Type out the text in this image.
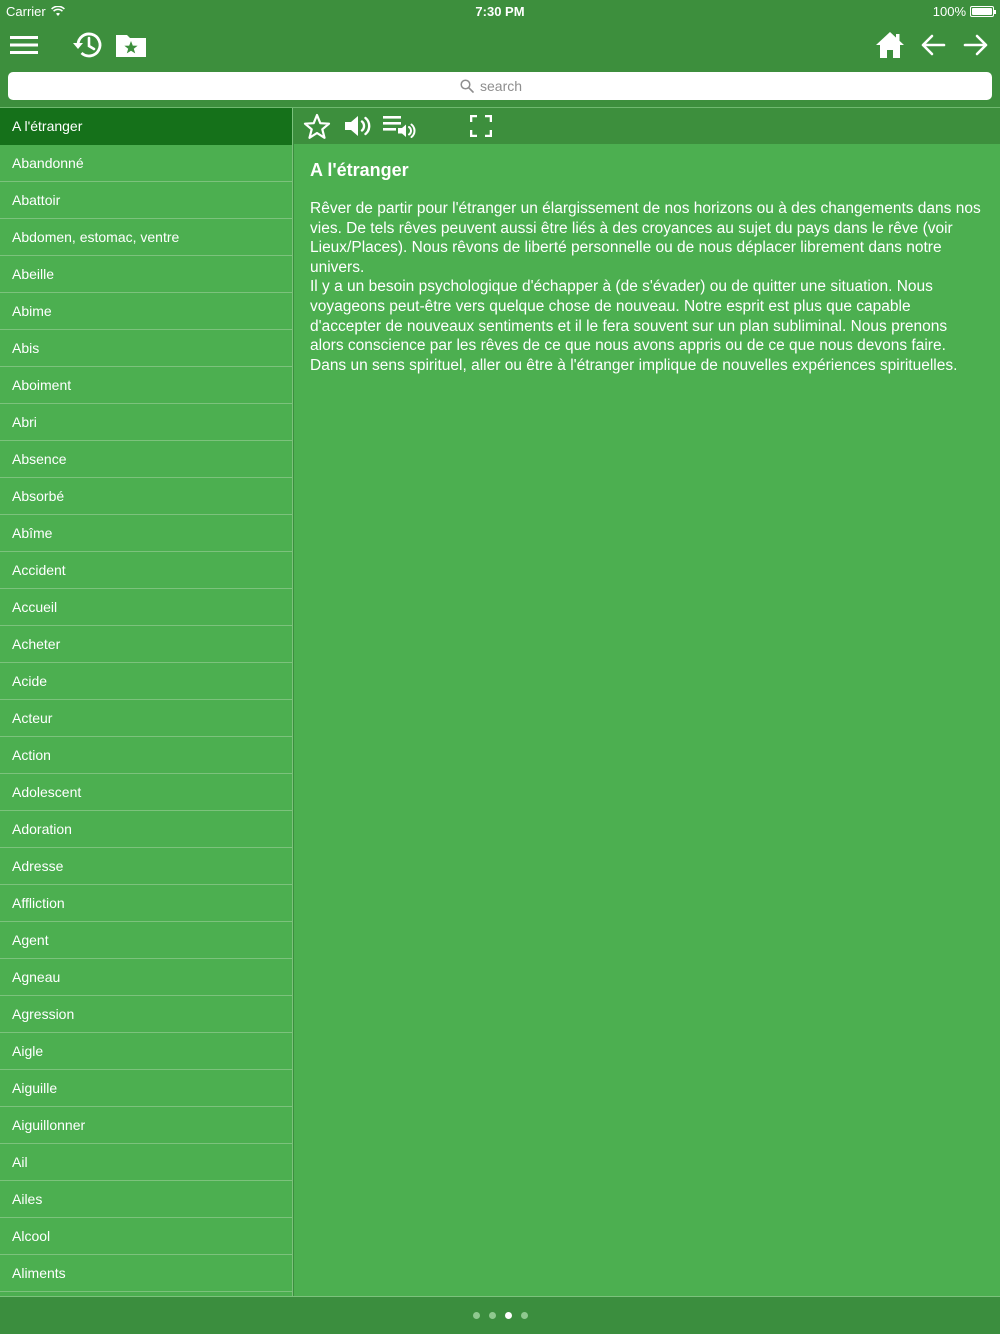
Carrier	7:30 PM	100%
search
A l'étranger
Abandonné
Abattoir
Abdomen, estomac, ventre
Abeille
Abime
Abis
Aboiment
Abri
Absence
Absorbé
Abîme
Accident
Accueil
Acheter
Acide
Acteur
Action
Adolescent
Adoration
Adresse
Affliction
Agent
Agneau
Agression
Aigle
Aiguille
Aiguillonner
Ail
Ailes
Alcool
Aliments
A l'étranger

Rêver de partir pour l'étranger un élargissement de nos horizons ou à des changements dans nos vies. De tels rêves peuvent aussi être liés à des croyances au sujet du pays dans le rêve (voir Lieux/Places). Nous rêvons de liberté personnelle ou de nous déplacer librement dans notre univers.

Il y a un besoin psychologique d'échapper à (de s'évader) ou de quitter une situation. Nous voyageons peut-être vers quelque chose de nouveau. Notre esprit est plus que capable d'accepter de nouveaux sentiments et il le fera souvent sur un plan subliminal. Nous prenons alors conscience par les rêves de ce que nous avons appris ou de ce que nous devons faire. Dans un sens spirituel, aller ou être à l'étranger implique de nouvelles expériences spirituelles.
